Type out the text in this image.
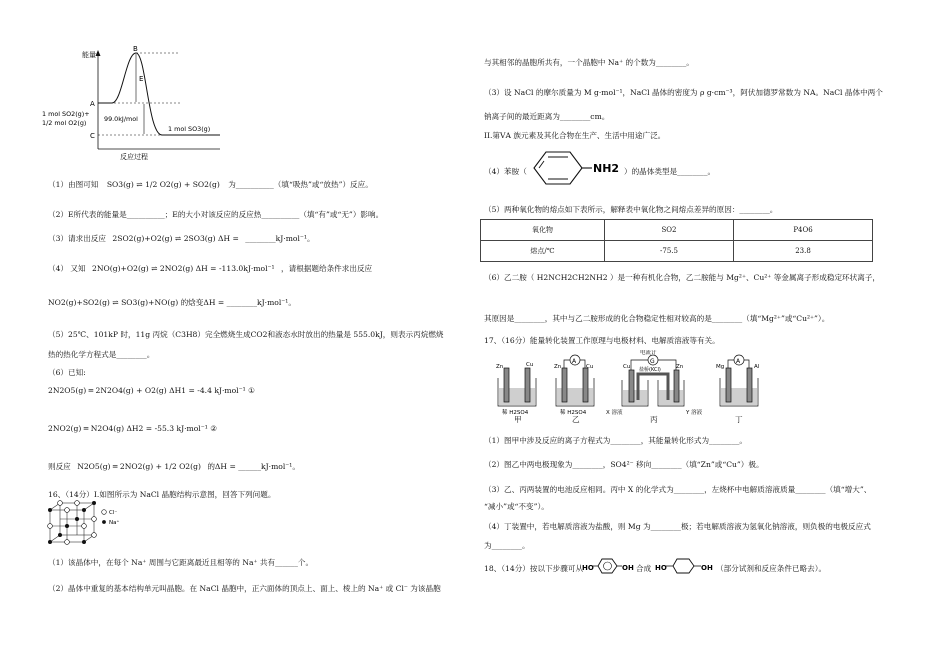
能量
反应过程
B
A
C
E
1 mol SO2(g)+
1/2 mol O2(g)	99.0kJ/mol
1 mol SO3(g)
（1）由图可知 SO3(g) ⇌ 1/2 O2(g) + SO2(g) 为__________（填“吸热”或“放热”）反应。
（2）E所代表的能量是__________；E的大小对该反应的反应热__________（填“有”或“无”）影响。
（3）请求出反应 2SO2(g)+O2(g) ⇌ 2SO3(g) ΔH = ________kJ·mol⁻¹。
（4） 又知 2NO(g)+O2(g) ⇌ 2NO2(g) ΔH = -113.0kJ·mol⁻¹ ，请根据题给条件求出反应
NO2(g)+SO2(g) ⇌ SO3(g)+NO(g) 的焓变ΔH = ________kJ·mol⁻¹。
（5）25℃、101kP 时，11g 丙烷（C3H8）完全燃烧生成CO2和液态水时放出的热量是 555.0kJ，则表示丙烷燃烧
热的热化学方程式是________。
（6）已知:
2N2O5(g) ═ 2N2O4(g) + O2(g) ΔH1 = -4.4 kJ·mol⁻¹ ①
2NO2(g) ═ N2O4(g) ΔH2 = -55.3 kJ·mol⁻¹ ②
则反应 N2O5(g) ═ 2NO2(g) + 1/2 O2(g) 的ΔH = ______kJ·mol⁻¹。
16、（14分）I.如图所示为 NaCl 晶胞结构示意图，回答下列问题。
Cl⁻
Na⁺
（1）该晶体中，在每个 Na⁺ 周围与它距离最近且相等的 Na⁺ 共有______个。
（2）晶体中重复的基本结构单元叫晶胞。在 NaCl 晶胞中，正六面体的顶点上、面上、棱上的 Na⁺ 或 Cl⁻ 为该晶胞
与其相邻的晶胞所共有，一个晶胞中 Na⁺ 的个数为________。
（3）设 NaCl 的摩尔质量为 M g·mol⁻¹，NaCl 晶体的密度为 ρ g·cm⁻³，阿伏加德罗常数为 NA。NaCl 晶体中两个
钠离子间的最近距离为________cm。
II.第ⅤA 族元素及其化合物在生产、生活中用途广泛。
（4）苯胺（	NH2 ）的晶体类型是________。
（5）两种氧化物的熔点如下表所示，解释表中氧化物之间熔点差异的原因：________。
氧化物	SO2	P4O6
熔点/℃	-75.5	23.8
（6）乙二胺（ H2NCH2CH2NH2 ）是一种有机化合物，乙二胺能与 Mg²⁺、Cu²⁺ 等金属离子形成稳定环状离子，
其原因是________，其中与乙二胺形成的化合物稳定性相对较高的是________（填“Mg²⁺”或“Cu²⁺”）。
17、（16分）能量转化装置工作原理与电极材料、电解质溶液等有关。
A	G	A
Zn	Cu	Zn	Cu	Cu	Zn	Mg	Al
电流计
盐桥(KCl)
稀 H2SO4	稀 H2SO4	X 溶液	Y 溶液
甲	乙	丙	丁
（1）图甲中涉及反应的离子方程式为________，其能量转化形式为________。
（2）图乙中两电极现象为________，SO4²⁻ 移向________（填“Zn”或“Cu”）极。
（3）乙、丙两装置的电池反应相同。丙中 X 的化学式为________，左烧杯中电解质溶液质量________（填“增大”、
“减小”或“不变”）。
（4）丁装置中，若电解质溶液为盐酸，则 Mg 为________极；若电解质溶液为氢氧化钠溶液，则负极的电极反应式
为________。
18、（14分）按以下步骤可从
HO	OH 合成 HO	OH （部分试剂和反应条件已略去）。
